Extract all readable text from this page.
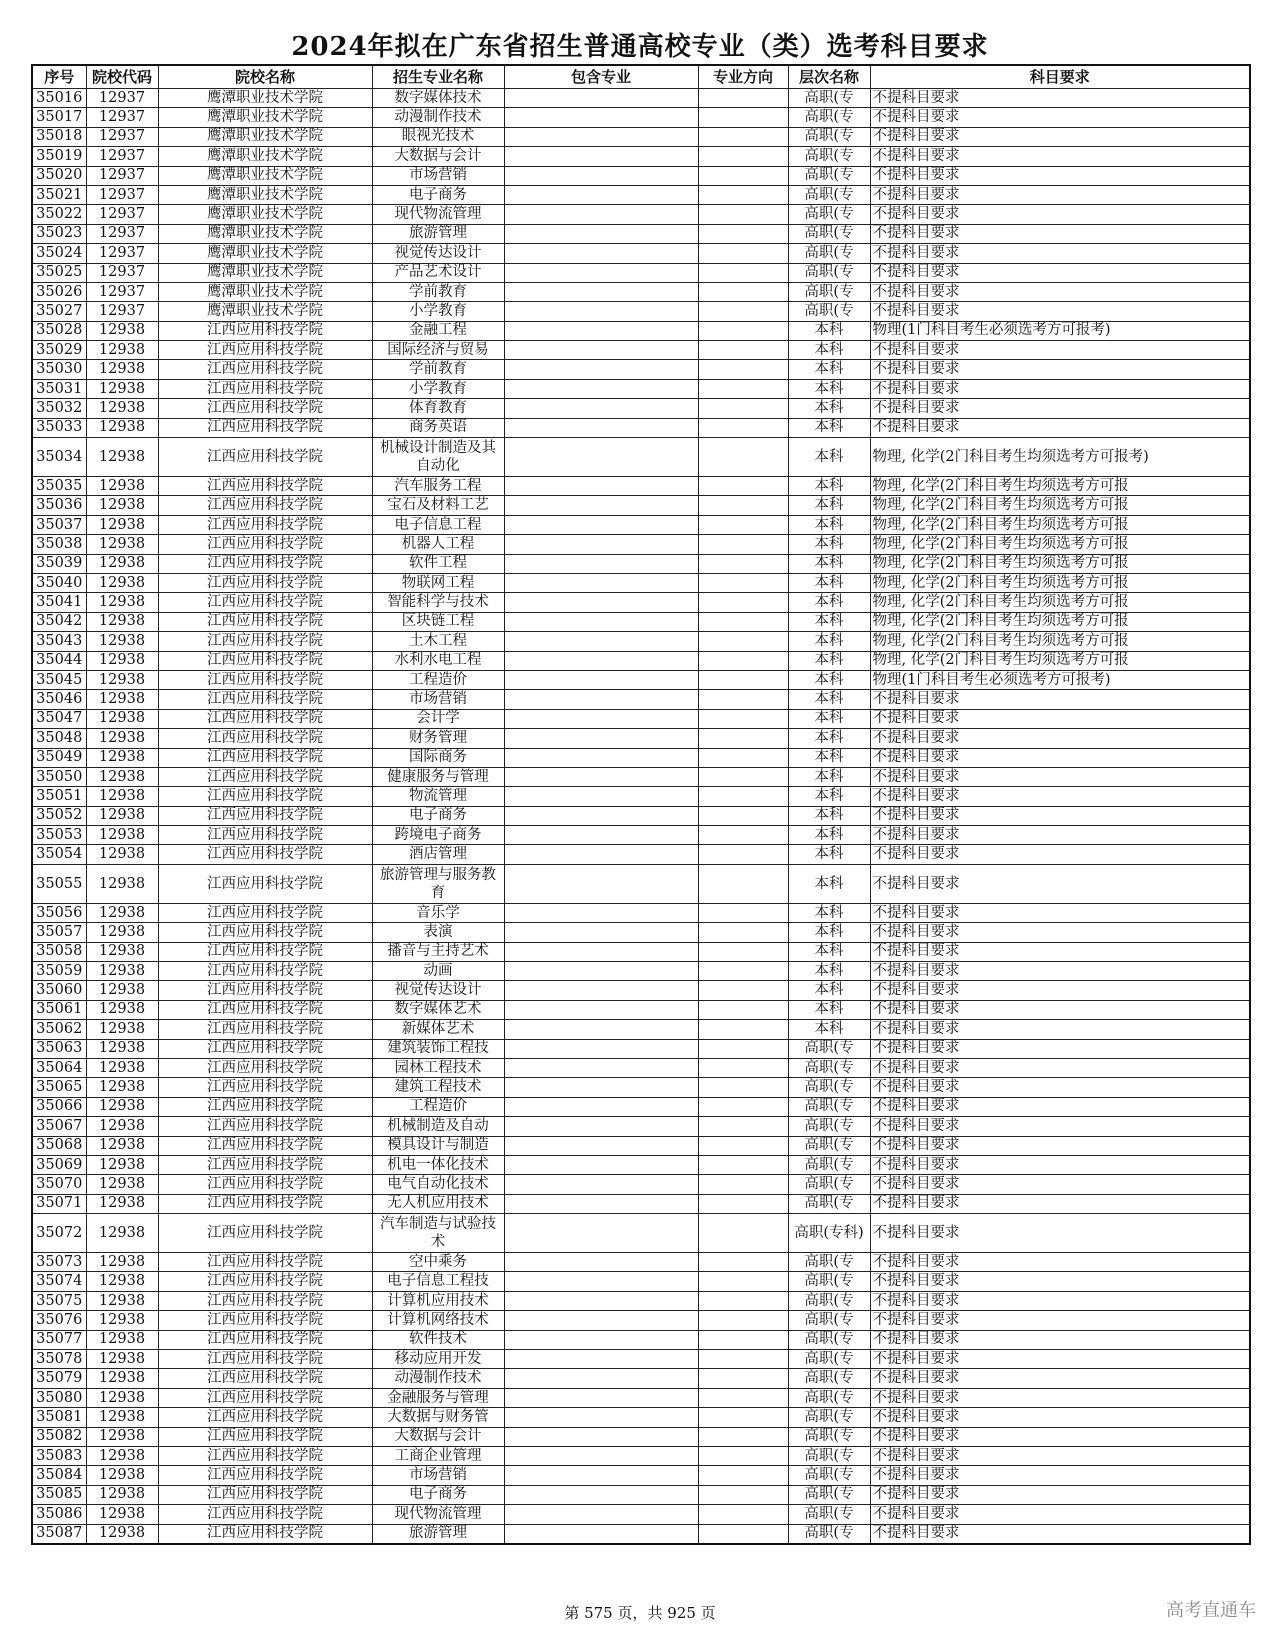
2024年拟在广东省招生普通高校专业（类）选考科目要求
序号	院校代码	院校名称	招生专业名称	包含专业	专业方向	层次名称	科目要求
35016	12937	鹰潭职业技术学院	数字媒体技术			高职(专	不提科目要求
35017	12937	鹰潭职业技术学院	动漫制作技术			高职(专	不提科目要求
35018	12937	鹰潭职业技术学院	眼视光技术			高职(专	不提科目要求
35019	12937	鹰潭职业技术学院	大数据与会计			高职(专	不提科目要求
35020	12937	鹰潭职业技术学院	市场营销			高职(专	不提科目要求
35021	12937	鹰潭职业技术学院	电子商务			高职(专	不提科目要求
35022	12937	鹰潭职业技术学院	现代物流管理			高职(专	不提科目要求
35023	12937	鹰潭职业技术学院	旅游管理			高职(专	不提科目要求
35024	12937	鹰潭职业技术学院	视觉传达设计			高职(专	不提科目要求
35025	12937	鹰潭职业技术学院	产品艺术设计			高职(专	不提科目要求
35026	12937	鹰潭职业技术学院	学前教育			高职(专	不提科目要求
35027	12937	鹰潭职业技术学院	小学教育			高职(专	不提科目要求
35028	12938	江西应用科技学院	金融工程			本科	物理(1门科目考生必须选考方可报考)
35029	12938	江西应用科技学院	国际经济与贸易			本科	不提科目要求
35030	12938	江西应用科技学院	学前教育			本科	不提科目要求
35031	12938	江西应用科技学院	小学教育			本科	不提科目要求
35032	12938	江西应用科技学院	体育教育			本科	不提科目要求
35033	12938	江西应用科技学院	商务英语			本科	不提科目要求
35034	12938	江西应用科技学院	机械设计制造及其自动化			本科	物理, 化学(2门科目考生均须选考方可报考)
35035	12938	江西应用科技学院	汽车服务工程			本科	物理, 化学(2门科目考生均须选考方可报
35036	12938	江西应用科技学院	宝石及材料工艺			本科	物理, 化学(2门科目考生均须选考方可报
35037	12938	江西应用科技学院	电子信息工程			本科	物理, 化学(2门科目考生均须选考方可报
35038	12938	江西应用科技学院	机器人工程			本科	物理, 化学(2门科目考生均须选考方可报
35039	12938	江西应用科技学院	软件工程			本科	物理, 化学(2门科目考生均须选考方可报
35040	12938	江西应用科技学院	物联网工程			本科	物理, 化学(2门科目考生均须选考方可报
35041	12938	江西应用科技学院	智能科学与技术			本科	物理, 化学(2门科目考生均须选考方可报
35042	12938	江西应用科技学院	区块链工程			本科	物理, 化学(2门科目考生均须选考方可报
35043	12938	江西应用科技学院	土木工程			本科	物理, 化学(2门科目考生均须选考方可报
35044	12938	江西应用科技学院	水利水电工程			本科	物理, 化学(2门科目考生均须选考方可报
35045	12938	江西应用科技学院	工程造价			本科	物理(1门科目考生必须选考方可报考)
35046	12938	江西应用科技学院	市场营销			本科	不提科目要求
35047	12938	江西应用科技学院	会计学			本科	不提科目要求
35048	12938	江西应用科技学院	财务管理			本科	不提科目要求
35049	12938	江西应用科技学院	国际商务			本科	不提科目要求
35050	12938	江西应用科技学院	健康服务与管理			本科	不提科目要求
35051	12938	江西应用科技学院	物流管理			本科	不提科目要求
35052	12938	江西应用科技学院	电子商务			本科	不提科目要求
35053	12938	江西应用科技学院	跨境电子商务			本科	不提科目要求
35054	12938	江西应用科技学院	酒店管理			本科	不提科目要求
35055	12938	江西应用科技学院	旅游管理与服务教育			本科	不提科目要求
35056	12938	江西应用科技学院	音乐学			本科	不提科目要求
35057	12938	江西应用科技学院	表演			本科	不提科目要求
35058	12938	江西应用科技学院	播音与主持艺术			本科	不提科目要求
35059	12938	江西应用科技学院	动画			本科	不提科目要求
35060	12938	江西应用科技学院	视觉传达设计			本科	不提科目要求
35061	12938	江西应用科技学院	数字媒体艺术			本科	不提科目要求
35062	12938	江西应用科技学院	新媒体艺术			本科	不提科目要求
35063	12938	江西应用科技学院	建筑装饰工程技			高职(专	不提科目要求
35064	12938	江西应用科技学院	园林工程技术			高职(专	不提科目要求
35065	12938	江西应用科技学院	建筑工程技术			高职(专	不提科目要求
35066	12938	江西应用科技学院	工程造价			高职(专	不提科目要求
35067	12938	江西应用科技学院	机械制造及自动			高职(专	不提科目要求
35068	12938	江西应用科技学院	模具设计与制造			高职(专	不提科目要求
35069	12938	江西应用科技学院	机电一体化技术			高职(专	不提科目要求
35070	12938	江西应用科技学院	电气自动化技术			高职(专	不提科目要求
35071	12938	江西应用科技学院	无人机应用技术			高职(专	不提科目要求
35072	12938	江西应用科技学院	汽车制造与试验技术			高职(专科)	不提科目要求
35073	12938	江西应用科技学院	空中乘务			高职(专	不提科目要求
35074	12938	江西应用科技学院	电子信息工程技			高职(专	不提科目要求
35075	12938	江西应用科技学院	计算机应用技术			高职(专	不提科目要求
35076	12938	江西应用科技学院	计算机网络技术			高职(专	不提科目要求
35077	12938	江西应用科技学院	软件技术			高职(专	不提科目要求
35078	12938	江西应用科技学院	移动应用开发			高职(专	不提科目要求
35079	12938	江西应用科技学院	动漫制作技术			高职(专	不提科目要求
35080	12938	江西应用科技学院	金融服务与管理			高职(专	不提科目要求
35081	12938	江西应用科技学院	大数据与财务管			高职(专	不提科目要求
35082	12938	江西应用科技学院	大数据与会计			高职(专	不提科目要求
35083	12938	江西应用科技学院	工商企业管理			高职(专	不提科目要求
35084	12938	江西应用科技学院	市场营销			高职(专	不提科目要求
35085	12938	江西应用科技学院	电子商务			高职(专	不提科目要求
35086	12938	江西应用科技学院	现代物流管理			高职(专	不提科目要求
35087	12938	江西应用科技学院	旅游管理			高职(专	不提科目要求
第 575 页，共 925 页	高考直通车
